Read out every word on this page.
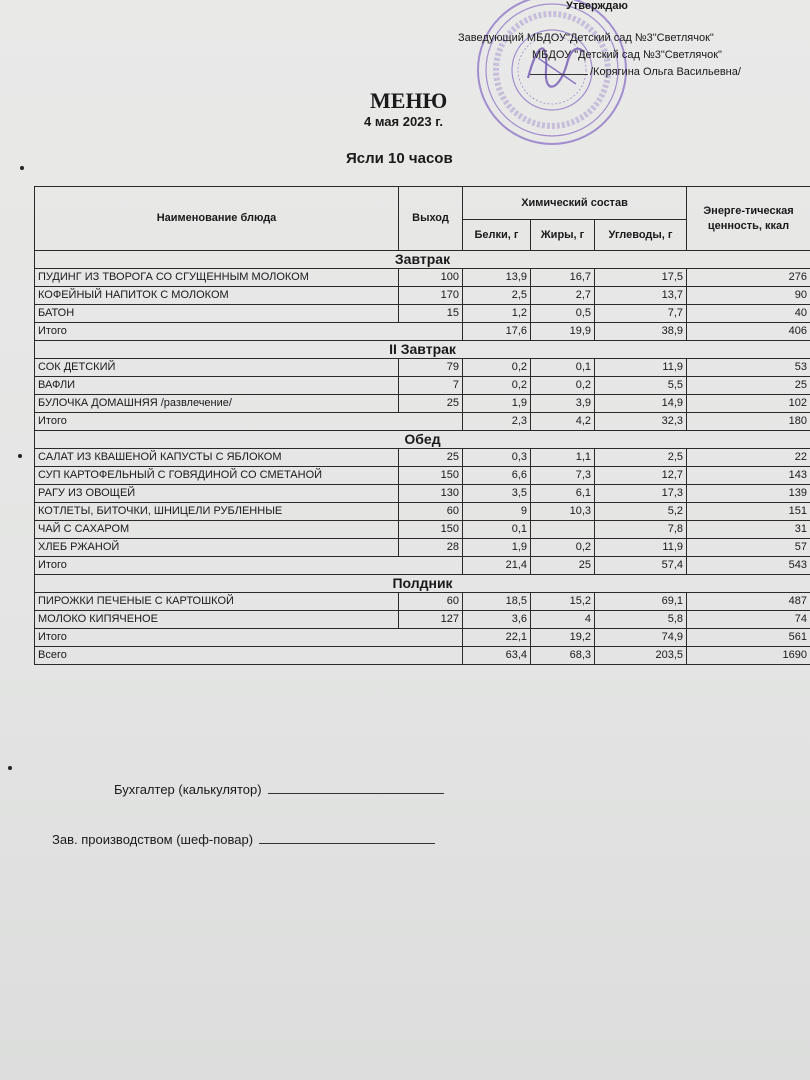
Утверждаю
Заведующий МБДОУ"Детский сад №3"Светлячок"
МБДОУ "Детский сад №3"Светлячок"
/Корягина Ольга Васильевна/
МЕНЮ
4 мая 2023 г.
Ясли 10 часов
Наименование блюда	Выход	Химический состав			Энерге-тическая ценность, ккал
		Белки, г	Жиры, г	Углеводы, г	
Завтрак					
ПУДИНГ ИЗ ТВОРОГА СО СГУЩЕННЫМ МОЛОКОМ	100	13,9	16,7	17,5	276
КОФЕЙНЫЙ НАПИТОК С МОЛОКОМ	170	2,5	2,7	13,7	90
БАТОН	15	1,2	0,5	7,7	40
Итого		17,6	19,9	38,9	406
II Завтрак					
СОК ДЕТСКИЙ	79	0,2	0,1	11,9	53
ВАФЛИ	7	0,2	0,2	5,5	25
БУЛОЧКА ДОМАШНЯЯ /развлечение/	25	1,9	3,9	14,9	102
Итого		2,3	4,2	32,3	180
Обед					
САЛАТ ИЗ КВАШЕНОЙ КАПУСТЫ С ЯБЛОКОМ	25	0,3	1,1	2,5	22
СУП КАРТОФЕЛЬНЫЙ С ГОВЯДИНОЙ СО СМЕТАНОЙ	150	6,6	7,3	12,7	143
РАГУ ИЗ ОВОЩЕЙ	130	3,5	6,1	17,3	139
КОТЛЕТЫ, БИТОЧКИ, ШНИЦЕЛИ РУБЛЕННЫЕ	60	9	10,3	5,2	151
ЧАЙ С САХАРОМ	150	0,1		7,8	31
ХЛЕБ РЖАНОЙ	28	1,9	0,2	11,9	57
Итого		21,4	25	57,4	543
Полдник					
ПИРОЖКИ ПЕЧЕНЫЕ С КАРТОШКОЙ	60	18,5	15,2	69,1	487
МОЛОКО КИПЯЧЕНОЕ	127	3,6	4	5,8	74
Итого		22,1	19,2	74,9	561
Всего		63,4	68,3	203,5	1690
Бухгалтер (калькулятор)
Зав. производством (шеф-повар)
